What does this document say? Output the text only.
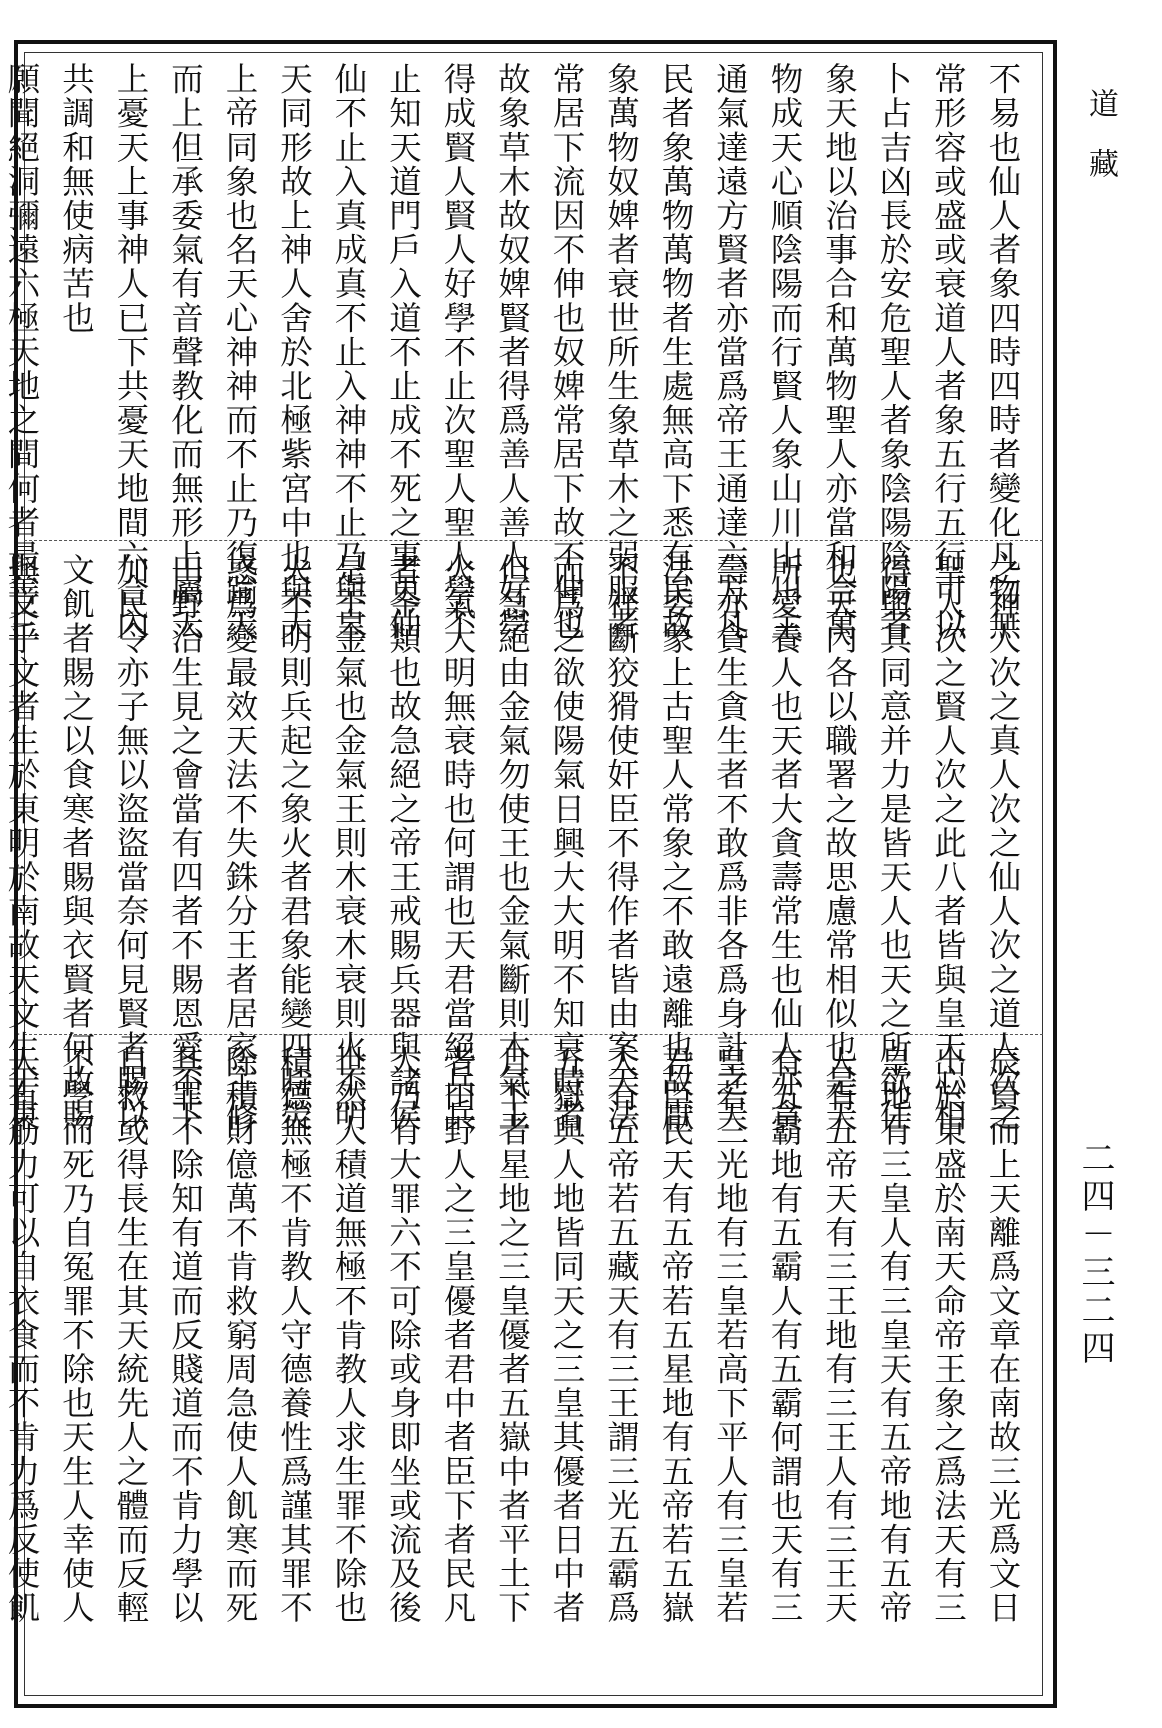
不易也仙人者象四時四時者變化凡物無
常形容或盛或衰道人者象五行五行可以
卜占吉凶長於安危聖人者象陰陽陰陽者
象天地以治事合和萬物聖人亦當和合萬
物成天心順陰陽而行賢人象山川山川主
通氣達遠方賢者亦當爲帝王通達六方凡
民者象萬物萬物者生處無高下悉有民故
象萬物奴婢者衰世所生象草木之弱服者
常居下流因不伸也奴婢常居下故不伸也
故象草木故奴婢賢者得爲善人善人好學
得成賢人賢人好學不止次聖人聖人學不
止知天道門戶入道不止成不死之事更仙
仙不止入真成真不止入神神不止乃與皇
天同形故上神人舍於北極紫宮中也與天
上帝同象也名天心神神而不止乃復踰天
而上但承委氣有音聲教化而無形上屬天
上憂天上事神人已下共憂天地間六合內
共調和無使病苦也
願聞絕洞彌遠六極天地之間何者最善三
之神人次之真人次之仙人次之道人次之
聖人次之賢人次之此八者皆與皇天心相
得與其同意并力是皆天人也天之所欲任
也天內各以職署之故思慮常相似也是天
所愛養人也天者大貪壽常生也仙人亦貪
壽亦貪生貪生者不敢爲非各爲身計之天
法委象上古聖人常象之不敢遠離也故厭
不祥斷狡猾使奸臣不得作者皆由案天法
而爲之欲使陽氣日興大大明不知衰時者
但急絕由金氣勿使王也金氣斷則木氣王
火氣大明無衰時也何謂也天君當絕兵兵
者金類也故急絕之帝王戒賜兵器與諸侯
是王金氣也金氣王則木衰木衰則火不明
火不明則兵起之象火者君象能變四時熒
惑爲變最效天法不失銖分王者居家主修
田野治生見之會當有四者不賜恩愛不下
加民令亦子無以盜盜當奈何見賢者賜以
文飢者賜之以食寒者賜與衣賢者何故賜
與文乎文者生於東明於南故天文生于東
辰員而上天離爲文章在南故三光爲文日
出於東盛於南天命帝王象之爲法天有三
皇地有三皇人有三皇天有五帝地有五帝
人有五帝天有三王地有三王人有三王天
有五霸地有五霸人有五霸何謂也天有三
皇若三光地有三皇若高下平人有三皇若
君臣民天有五帝若五星地有五帝若五嶽
人有五帝若五藏天有三王謂三光五霸爲
五嶽與人地皆同天之三皇其優者日中者
月下者星地之三皇優者五嶽中者平土下
者田野人之三皇優者君中者臣下者民凡
人乃有大罪六不可除或身即坐或流及後
世然人積道無極不肯教人求生罪不除也
積德無極不肯教人守德養性爲謹其罪不
除積財億萬不肯救窮周急使人飢寒而死
其罪不除知有道而反賤道而不肯力學以
自救或得長生在其天統先人之體而反輕
不學而死乃自冤罪不除也天生人幸使人
人有筋力可以自衣食而不肯力爲反使飢
道藏
二四－三二四
